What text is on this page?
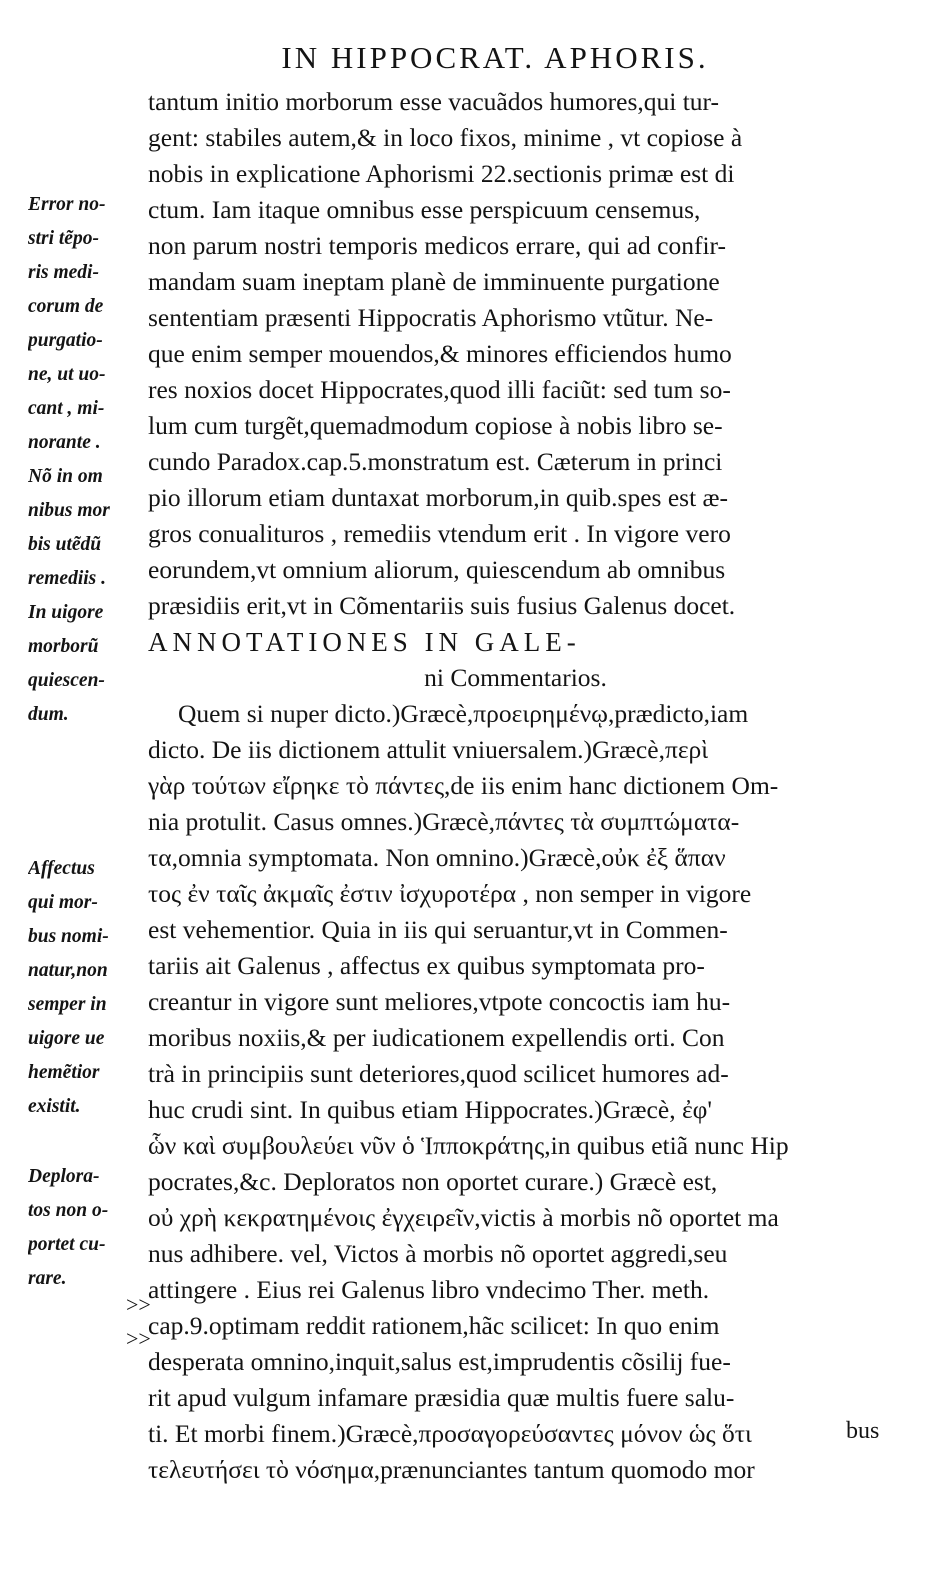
IN HIPPOCRAT. APHORIS.
tantum initio morborum esse vacuãdos humores,qui tur-
gent: stabiles autem,& in loco fixos, minime , vt copiose à
nobis in explicatione Aphorismi 22.sectionis primæ est di
ctum. Iam itaque omnibus esse perspicuum censemus,
non parum nostri temporis medicos errare, qui ad confir-
mandam suam ineptam planè de imminuente purgatione
sententiam præsenti Hippocratis Aphorismo vtũtur. Ne-
que enim semper mouendos,& minores efficiendos humo
res noxios docet Hippocrates,quod illi faciũt: sed tum so-
lum cum turgẽt,quemadmodum copiose à nobis libro se-
cundo Paradox.cap.5.monstratum est. Cæterum in princi
pio illorum etiam duntaxat morborum,in quib.spes est æ-
gros conualituros , remediis vtendum erit . In vigore vero
eorundem,vt omnium aliorum, quiescendum ab omnibus
præsidiis erit,vt in Cõmentariis suis fusius Galenus docet.
ANNOTATIONES IN GALE-
ni Commentarios.
Quem si nuper dicto.)Græcè,προειρημένῳ,prædicto,iam
dicto. De iis dictionem attulit vniuersalem.)Græcè,περὶ
γὰρ τούτων εἴρηκε τὸ πάντες,de iis enim hanc dictionem Om-
nia protulit. Casus omnes.)Græcè,πάντες τὰ συμπτώματα-
τα,omnia symptomata. Non omnino.)Græcè,οὐκ ἐξ ἅπαν
τος ἐν ταῖς ἀκμαῖς ἐστιν ἰσχυροτέρα , non semper in vigore
est vehementior. Quia in iis qui seruantur,vt in Commen-
tariis ait Galenus , affectus ex quibus symptomata pro-
creantur in vigore sunt meliores,vtpote concoctis iam hu-
moribus noxiis,& per iudicationem expellendis orti. Con
trà in principiis sunt deteriores,quod scilicet humores ad-
huc crudi sint. In quibus etiam Hippocrates.)Græcè, ἐφ'
ὧν καὶ συμβουλεύει νῦν ὁ Ἱπποκράτης,in quibus etiã nunc Hip
pocrates,&c. Deploratos non oportet curare.) Græcè est,
οὐ χρὴ κεκρατημένοις ἐγχειρεῖν,victis à morbis nõ oportet ma
nus adhibere. vel, Victos à morbis nõ oportet aggredi,seu
attingere . Eius rei Galenus libro vndecimo Ther. meth.
cap.9.optimam reddit rationem,hãc scilicet: In quo enim
desperata omnino,inquit,salus est,imprudentis cõsilij fue-
rit apud vulgum infamare præsidia quæ multis fuere salu-
ti. Et morbi finem.)Græcè,προσαγορεύσαντες μόνον ὡς ὅτι
τελευτήσει τὸ νόσημα,prænunciantes tantum quomodo mor
Error no-
stri tẽpo-
ris medi-
corum de
purgatio-
ne, ut uo-
cant , mi-
norante .
Nõ in om
nibus mor
bis utẽdũ
remediis .
In uigore
morborũ
quiescen-
dum.
Affectus
qui mor-
bus nomi-
natur,non
semper in
uigore ue
hemẽtior
existit.
Deplora-
tos non o-
portet cu-
rare.
>>
>>
bus
